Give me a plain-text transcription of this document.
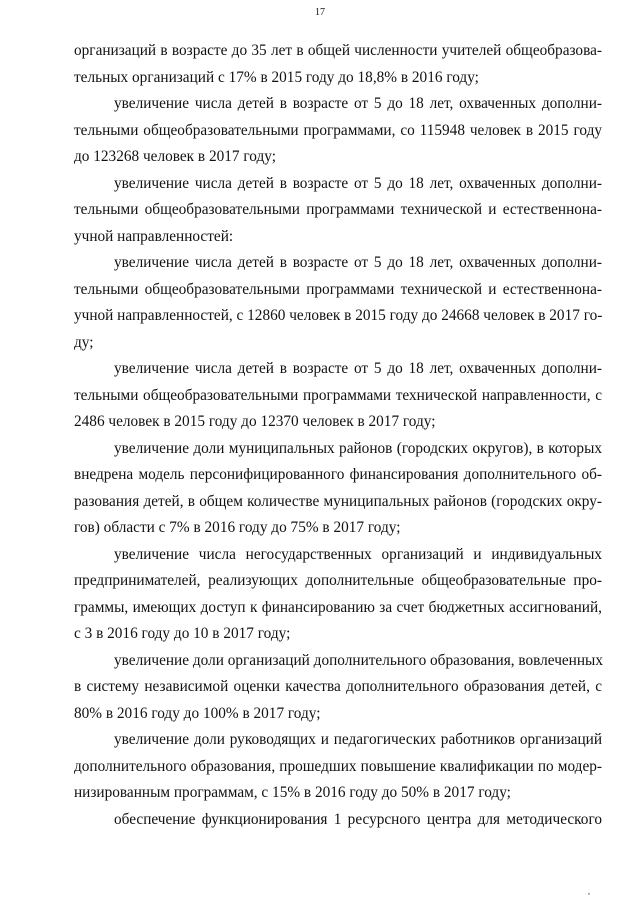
17
организаций в возрасте до 35 лет в общей численности учителей общеобразова-
тельных организаций с 17% в 2015 году до 18,8% в 2016 году;
увеличение числа детей в возрасте от 5 до 18 лет, охваченных дополни-
тельными общеобразовательными программами, со 115948 человек в 2015 году
до 123268 человек в 2017 году;
увеличение числа детей в возрасте от 5 до 18 лет, охваченных дополни-
тельными общеобразовательными программами технической и естественнона-
учной направленностей:
увеличение числа детей в возрасте от 5 до 18 лет, охваченных дополни-
тельными общеобразовательными программами технической и естественнона-
учной направленностей, с 12860 человек в 2015 году до 24668 человек в 2017 го-
ду;
увеличение числа детей в возрасте от 5 до 18 лет, охваченных дополни-
тельными общеобразовательными программами технической направленности, с
2486 человек в 2015 году до 12370 человек в 2017 году;
увеличение доли муниципальных районов (городских округов), в которых
внедрена модель персонифицированного финансирования дополнительного об-
разования детей, в общем количестве муниципальных районов (городских окру-
гов) области с 7% в 2016 году до 75% в 2017 году;
увеличение числа негосударственных организаций и индивидуальных
предпринимателей, реализующих дополнительные общеобразовательные про-
граммы, имеющих доступ к финансированию за счет бюджетных ассигнований,
с 3 в 2016 году до 10 в 2017 году;
увеличение доли организаций дополнительного образования, вовлеченных
в систему независимой оценки качества дополнительного образования детей, с
80% в 2016 году до 100% в 2017 году;
увеличение доли руководящих и педагогических работников организаций
дополнительного образования, прошедших повышение квалификации по модер-
низированным программам, с 15% в 2016 году до 50% в 2017 году;
обеспечение функционирования 1 ресурсного центра для методического
,
